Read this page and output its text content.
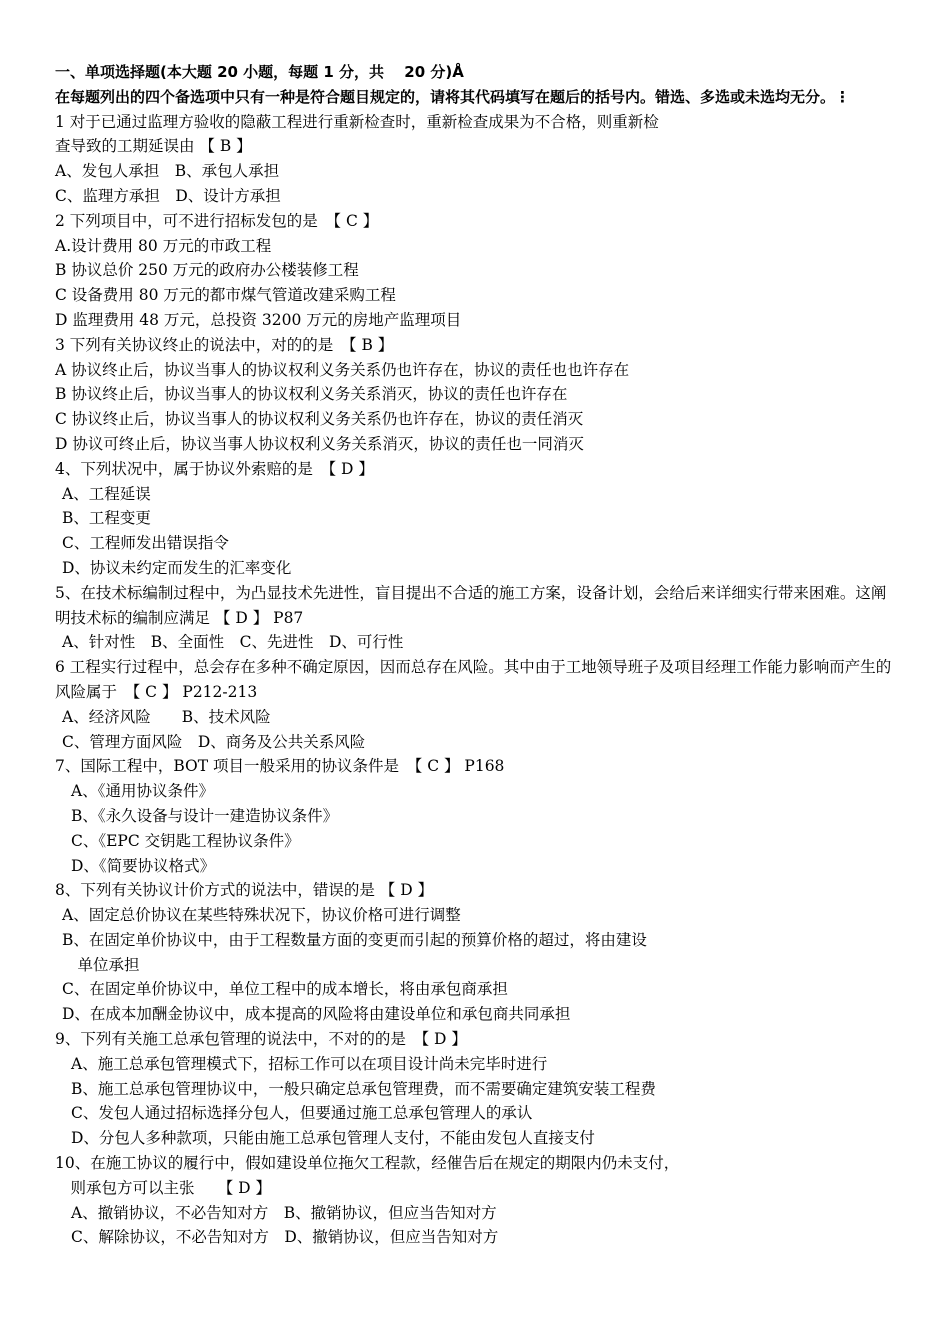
一、单项选择题(本大题 20 小题，每题 1 分，共　 20 分)Å

在每题列出的四个备选项中只有一种是符合题目规定的，请将其代码填写在题后的括号内。错选、多选或未选均无分。⋮

1 对于已通过监理方验收的隐蔽工程进行重新检查时，重新检查成果为不合格，则重新检

查导致的工期延误由 【 B 】

A、发包人承担　B、承包人承担

C、监理方承担　D、设计方承担

2 下列项目中，可不进行招标发包的是　【 C 】

A.设计费用 80 万元的市政工程

B 协议总价 250 万元的政府办公楼装修工程

C 设备费用 80 万元的都市煤气管道改建采购工程

D 监理费用 48 万元，总投资 3200 万元的房地产监理项目

3 下列有关协议终止的说法中，对的的是　【 B 】

A 协议终止后，协议当事人的协议权利义务关系仍也许存在，协议的责任也也许存在

B 协议终止后，协议当事人的协议权利义务关系消灭，协议的责任也许存在

C 协议终止后，协议当事人的协议权利义务关系仍也许存在，协议的责任消灭

D 协议可终止后，协议当事人协议权利义务关系消灭，协议的责任也一同消灭

4、下列状况中，属于协议外索赔的是　【 D 】

A、工程延误

B、工程变更

C、工程师发出错误指令

D、协议未约定而发生的汇率变化

5、在技术标编制过程中，为凸显技术先进性，盲目提出不合适的施工方案，设备计划，会给后来详细实行带来困难。这阐明技术标的编制应满足 【 D 】 P87

A、针对性　B、全面性　C、先进性　D、可行性

6 工程实行过程中，总会存在多种不确定原因，因而总存在风险。其中由于工地领导班子及项目经理工作能力影响而产生的风险属于　【 C 】 P212-213

A、经济风险　　B、技术风险

C、管理方面风险　D、商务及公共关系风险

7、国际工程中，BOT 项目一般采用的协议条件是　【 C 】 P168

A、《通用协议条件》

B、《永久设备与设计一建造协议条件》

C、《EPC 交钥匙工程协议条件》

D、《简要协议格式》

8、下列有关协议计价方式的说法中，错误的是 【 D 】

A、固定总价协议在某些特殊状况下，协议价格可进行调整

B、在固定单价协议中，由于工程数量方面的变更而引起的预算价格的超过，将由建设

　单位承担

C、在固定单价协议中，单位工程中的成本增长，将由承包商承担

D、在成本加酬金协议中，成本提高的风险将由建设单位和承包商共同承担

9、下列有关施工总承包管理的说法中，不对的的是　【 D 】

A、施工总承包管理模式下，招标工作可以在项目设计尚未完毕时进行

B、施工总承包管理协议中，一般只确定总承包管理费，而不需要确定建筑安装工程费

C、发包人通过招标选择分包人，但要通过施工总承包管理人的承认

D、分包人多种款项，只能由施工总承包管理人支付，不能由发包人直接支付

10、在施工协议的履行中，假如建设单位拖欠工程款，经催告后在规定的期限内仍未支付，

　则承包方可以主张　　【 D 】

A、撤销协议，不必告知对方　B、撤销协议，但应当告知对方

C、解除协议，不必告知对方　D、撤销协议，但应当告知对方
